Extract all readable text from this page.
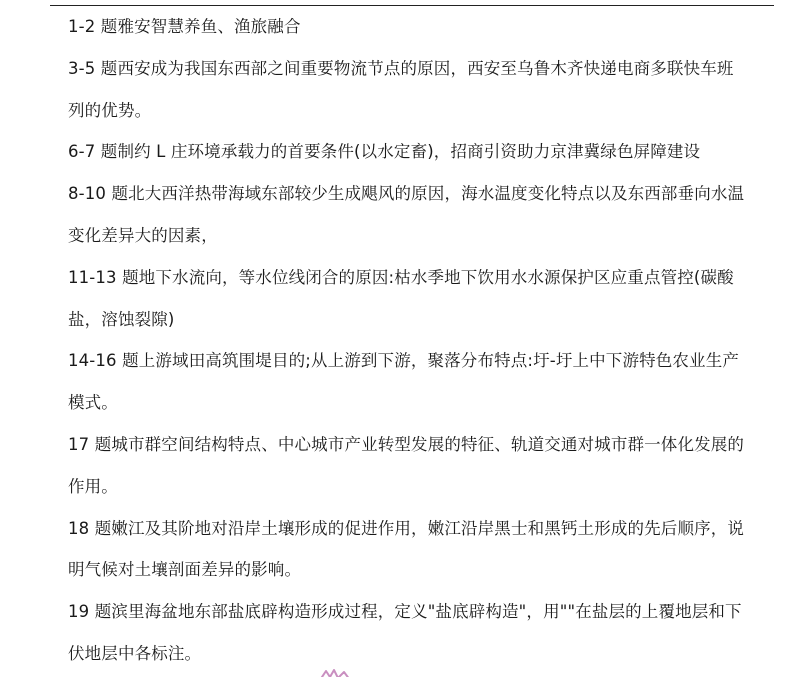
1-2 题雅安智慧养鱼、渔旅融合

3-5 题西安成为我国东西部之间重要物流节点的原因，西安至乌鲁木齐快递电商多联快车班列的优势。

6-7 题制约 L 庄环境承载力的首要条件(以水定畜)，招商引资助力京津冀绿色屏障建设

8-10 题北大西洋热带海域东部较少生成飓风的原因，海水温度变化特点以及东西部垂向水温变化差异大的因素，

11-13 题地下水流向，等水位线闭合的原因:枯水季地下饮用水水源保护区应重点管控(碳酸盐，溶蚀裂隙)

14-16 题上游域田高筑围堤目的;从上游到下游，聚落分布特点:圩-圩上中下游特色农业生产模式。

17 题城市群空间结构特点、中心城市产业转型发展的特征、轨道交通对城市群一体化发展的作用。

18 题嫩江及其阶地对沿岸土壤形成的促进作用，嫩江沿岸黑士和黑钙土形成的先后顺序，说明气候对土壤剖面差异的影响。

19 题滨里海盆地东部盐底辟构造形成过程，定义"盐底辟构造"，用""在盐层的上覆地层和下伏地层中各标注。
